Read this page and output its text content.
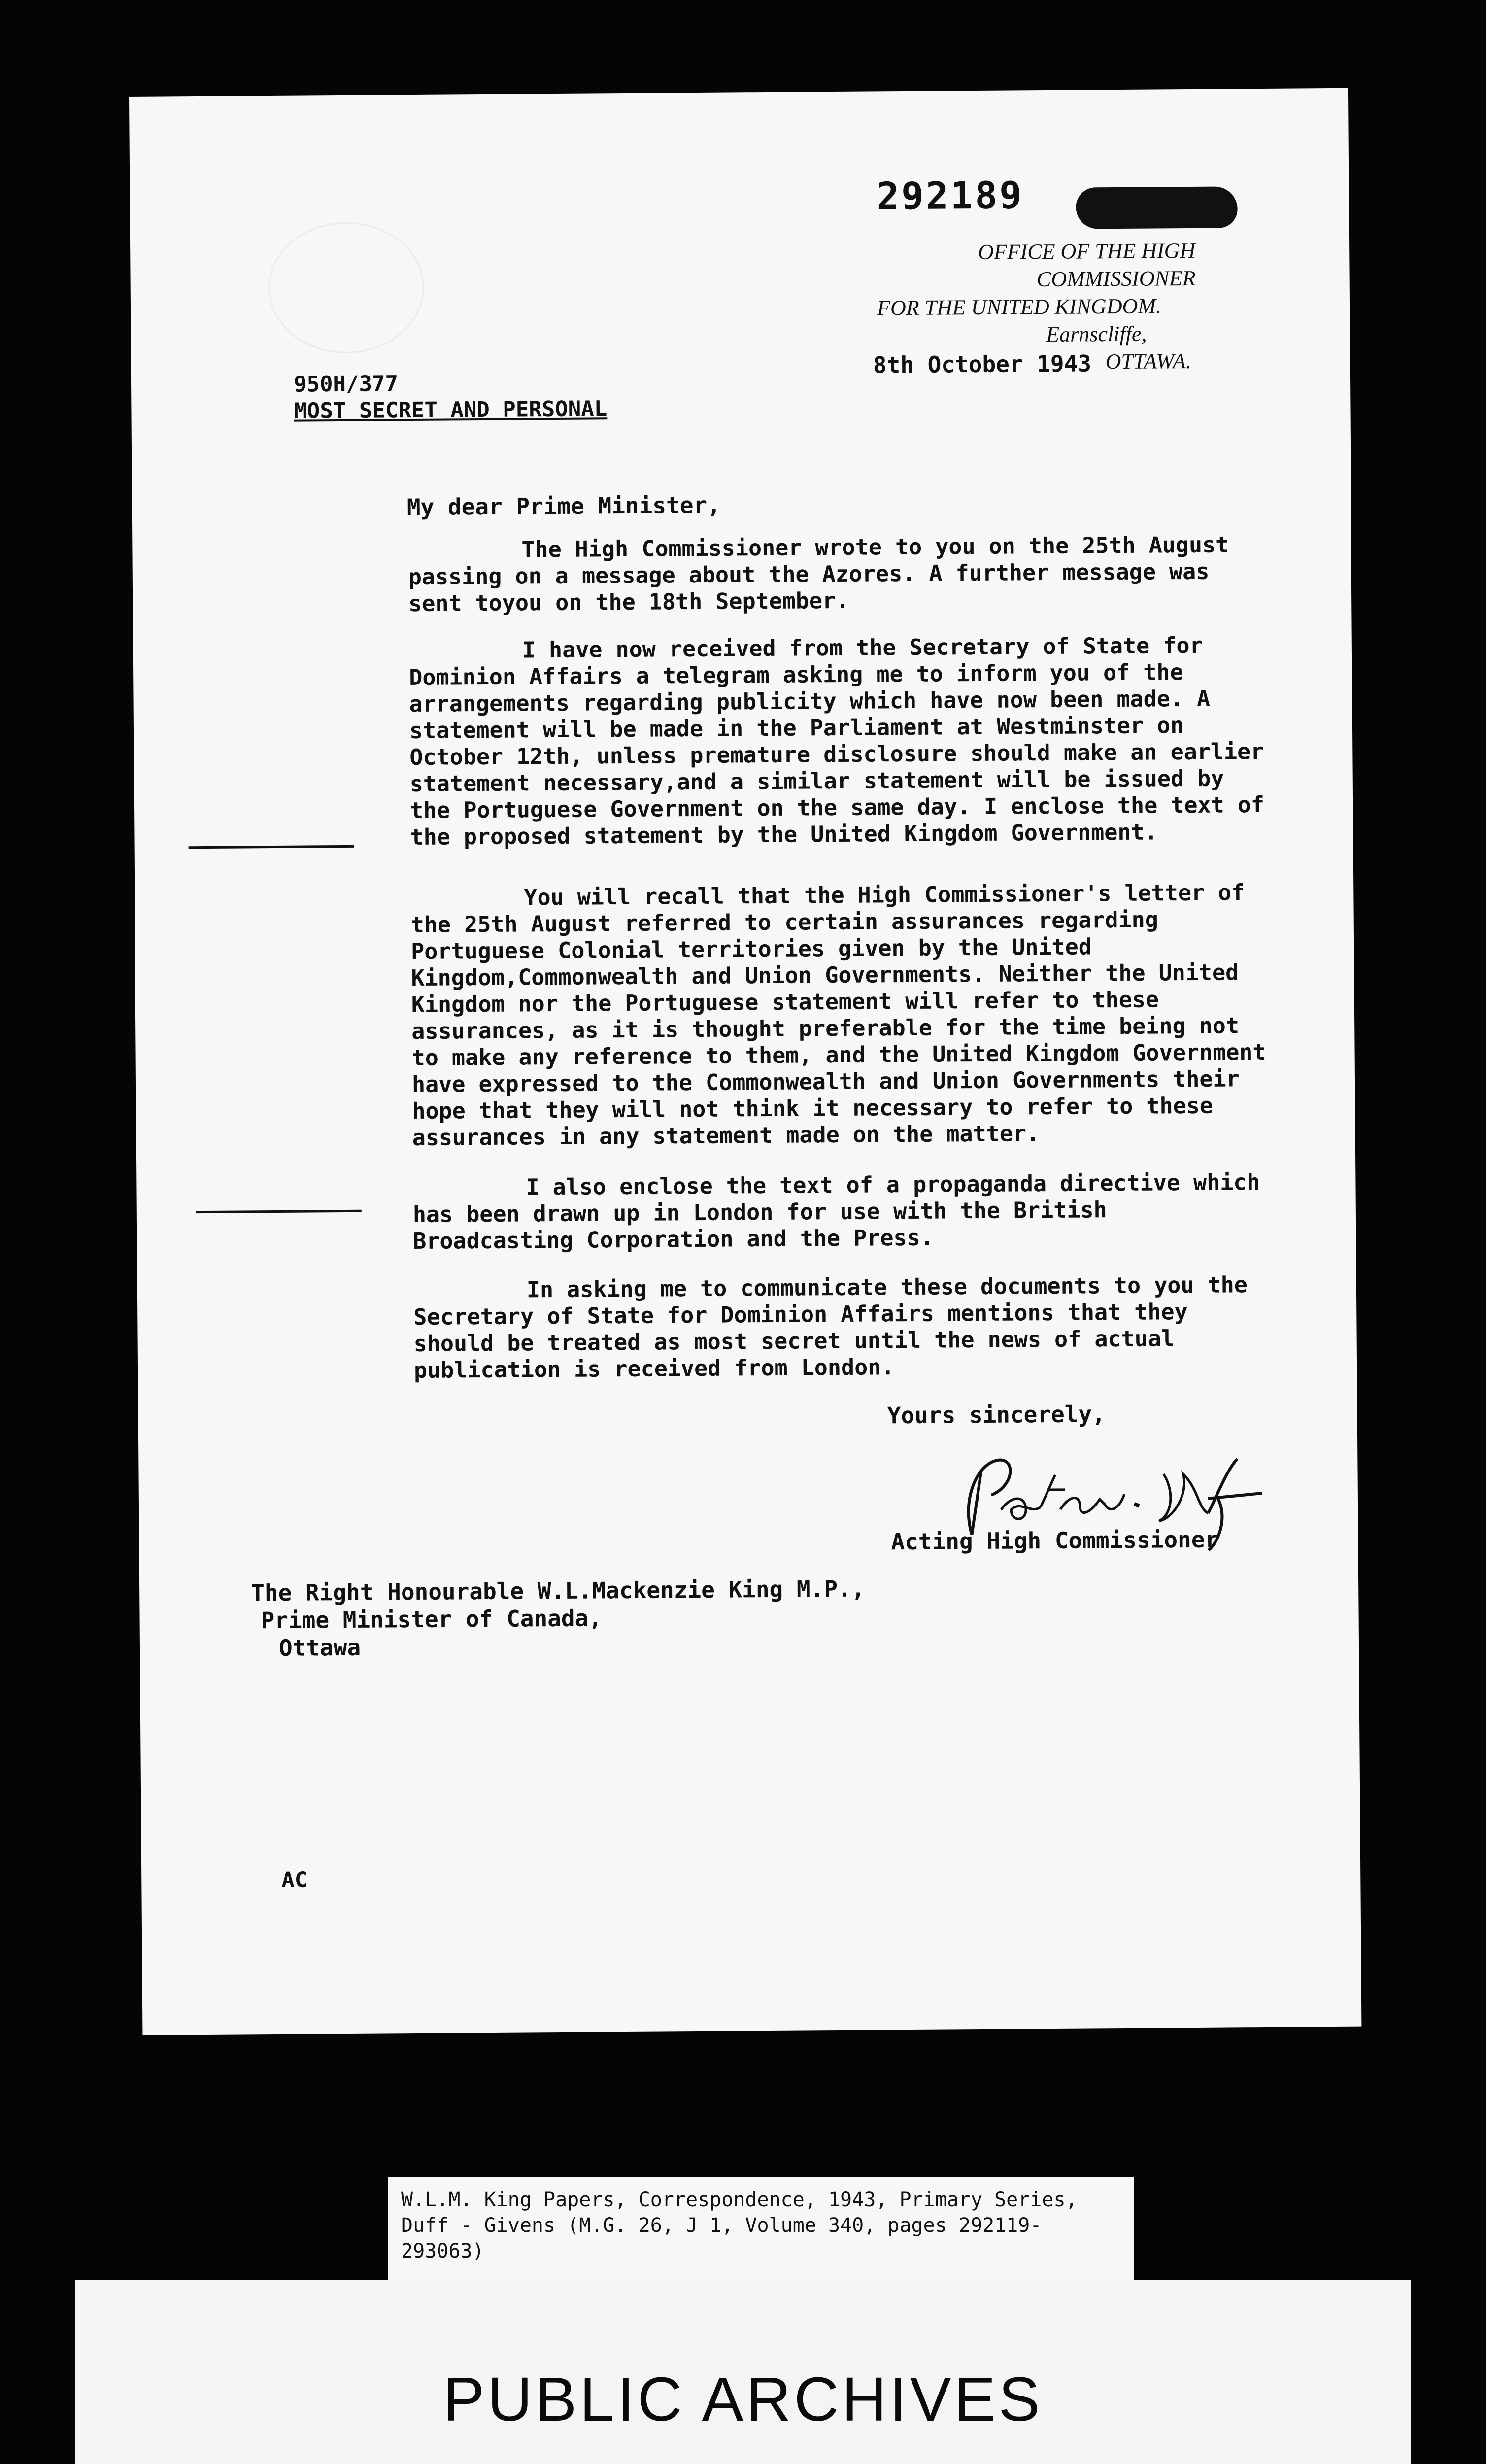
292189
OFFICE OF THE HIGH COMMISSIONER
FOR THE UNITED KINGDOM.
Earnscliffe,
OTTAWA.
950H/377
MOST SECRET AND PERSONAL
8th October 1943
My dear Prime Minister,
The High Commissioner wrote to you on the 25th August passing on a message about the Azores. A further message was sent toyou on the 18th September.
I have now received from the Secretary of State for Dominion Affairs a telegram asking me to inform you of the arrangements regarding publicity which have now been made. A statement will be made in the Parliament at Westminster on October 12th, unless premature disclosure should make an earlier statement necessary,and a similar statement will be issued by the Portuguese Government on the same day. I enclose the text of the proposed statement by the United Kingdom Government.
You will recall that the High Commissioner's letter of the 25th August referred to certain assurances regarding Portuguese Colonial territories given by the United Kingdom,Commonwealth and Union Governments. Neither the United Kingdom nor the Portuguese statement will refer to these assurances, as it is thought preferable for the time being not to make any reference to them, and the United Kingdom Government have expressed to the Commonwealth and Union Governments their hope that they will not think it necessary to refer to these assurances in any statement made on the matter.
I also enclose the text of a propaganda directive which has been drawn up in London for use with the British Broadcasting Corporation and the Press.
In asking me to communicate these documents to you the Secretary of State for Dominion Affairs mentions that they should be treated as most secret until the news of actual publication is received from London.
Yours sincerely,
Acting High Commissioner
The Right Honourable W.L.Mackenzie King M.P.,
Prime Minister of Canada,
Ottawa
AC
W.L.M. King Papers, Correspondence, 1943, Primary Series,
Duff - Givens (M.G. 26, J 1, Volume 340, pages 292119-
293063)
PUBLIC ARCHIVES
